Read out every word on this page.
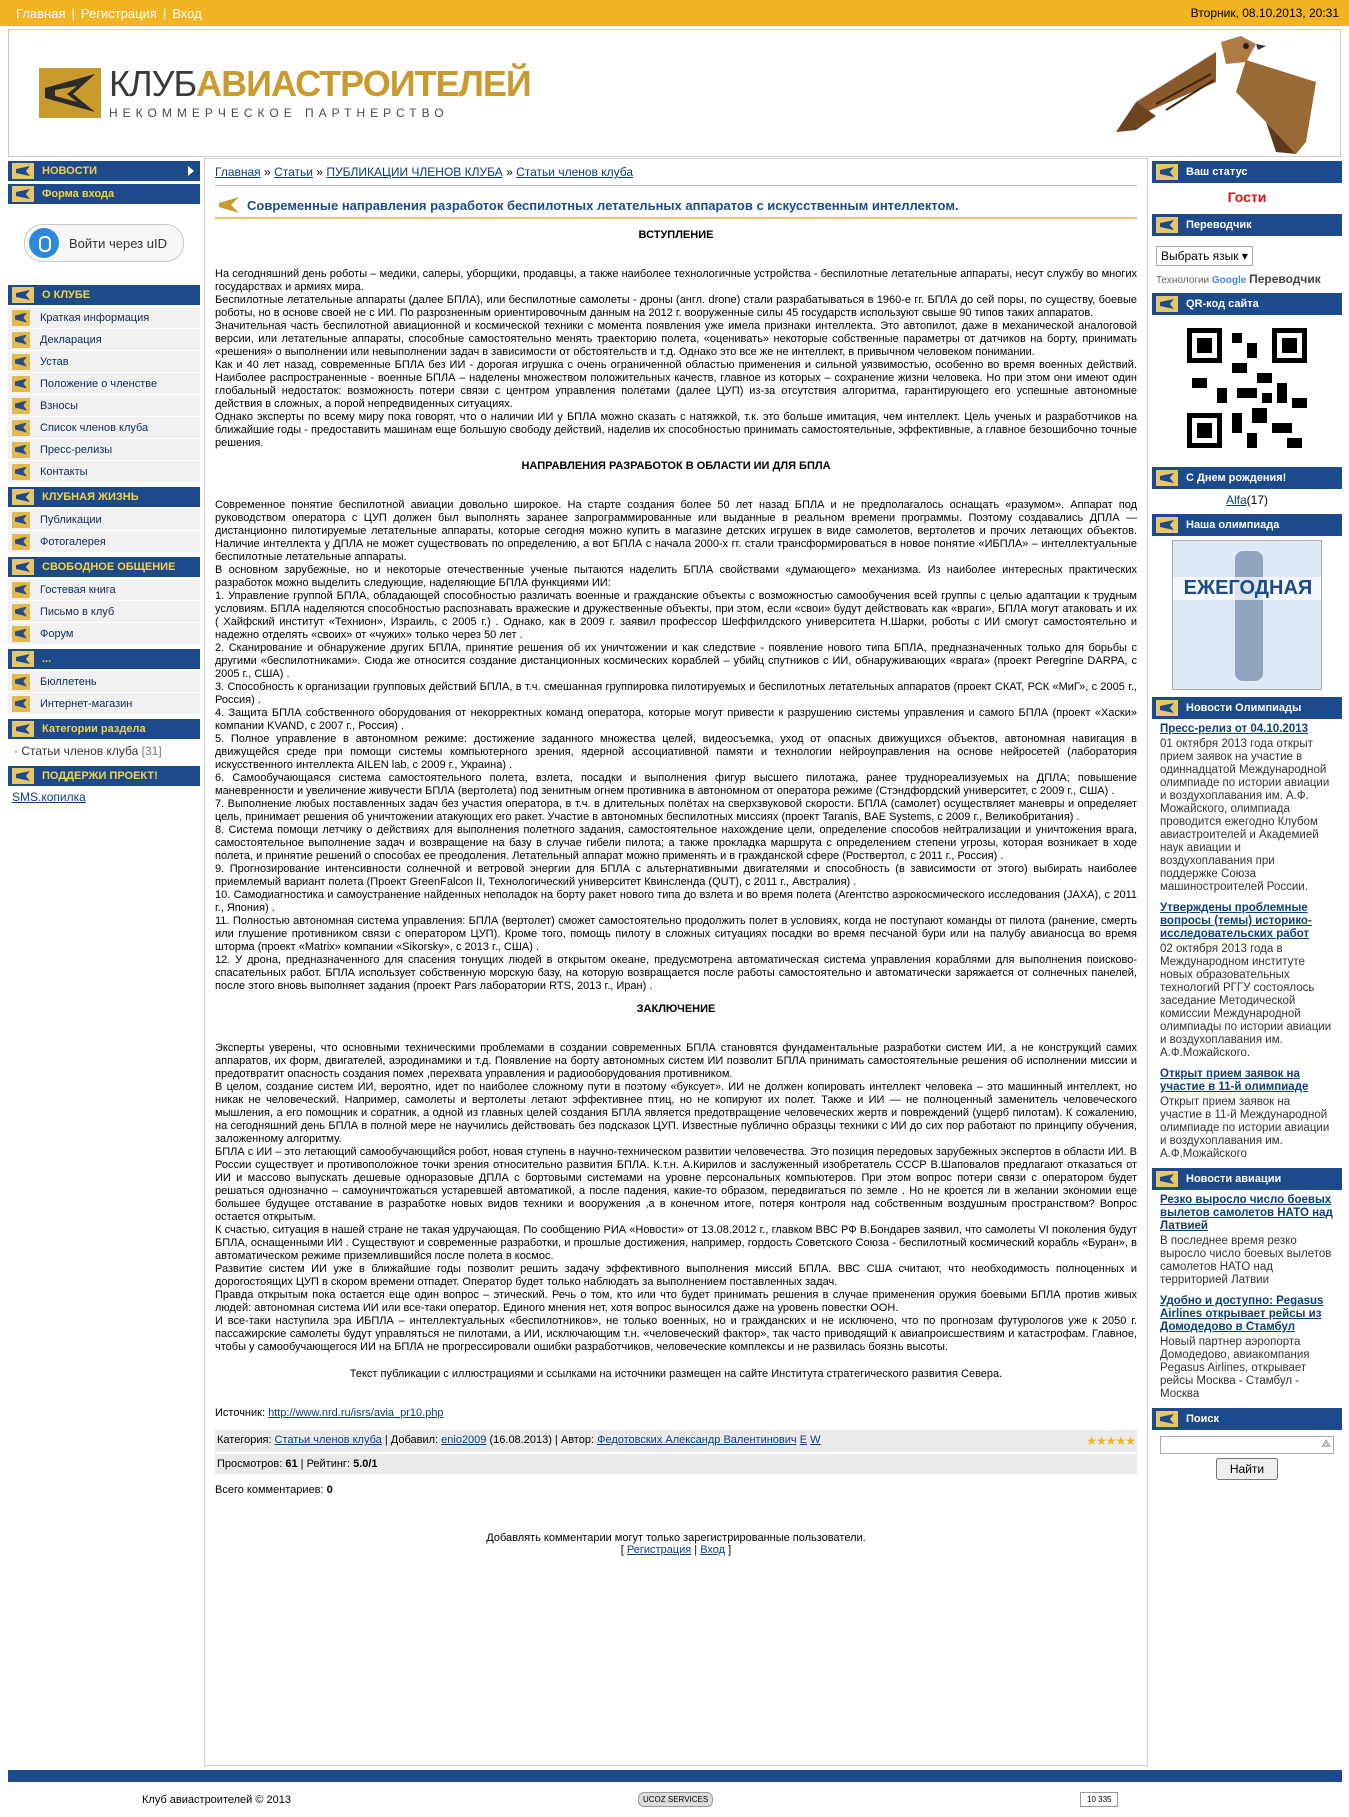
Главная | Регистрация | Вход	Вторник, 08.10.2013, 20:31
КЛУБАВИАСТРОИТЕЛЕЙ
НЕКОММЕРЧЕСКОЕ ПАРТНЕРСТВО
НОВОСТИ
Форма входа
Войти через uID
О КЛУБЕ
Краткая информация
Декларация
Устав
Положение о членстве
Взносы
Список членов клуба
Пресс-релизы
Контакты
КЛУБНАЯ ЖИЗНЬ
Публикации
Фотогалерея
СВОБОДНОЕ ОБЩЕНИЕ
Гостевая книга
Письмо в клуб
Форум
...
Бюллетень
Интернет-магазин
Категории раздела
· Статьи членов клуба [31]
ПОДДЕРЖИ ПРОЕКТ!
SMS.копилка
Главная » Статьи » ПУБЛИКАЦИИ ЧЛЕНОВ КЛУБА » Статьи членов клуба
Современные направления разработок беспилотных летательных аппаратов с искусственным интеллектом.
ВСТУПЛЕНИЕ

На сегодняшний день роботы – медики, саперы, уборщики, продавцы, а также наиболее технологичные устройства - беспилотные летательные аппараты, несут службу во многих государствах и армиях мира.

Беспилотные летательные аппараты (далее БПЛА), или беспилотные самолеты - дроны (англ. drone) стали разрабатываться в 1960-е гг. БПЛА до сей поры, по существу, боевые роботы, но в основе своей не с ИИ. По разрозненным ориентировочным данным на 2012 г. вооруженные силы 45 государств используют свыше 90 типов таких аппаратов.

Значительная часть беспилотной авиационной и космической техники с момента появления уже имела признаки интеллекта. Это автопилот, даже в механической аналоговой версии, или летательные аппараты, способные самостоятельно менять траекторию полета, «оценивать» некоторые собственные параметры от датчиков на борту, принимать «решения» о выполнении или невыполнении задач в зависимости от обстоятельств и т.д. Однако это все же не интеллект, в привычном человеком понимании.

Как и 40 лет назад, современные БПЛА без ИИ - дорогая игрушка с очень ограниченной областью применения и сильной уязвимостью, особенно во время военных действий. Наиболее распространенные - военные БПЛА – наделены множеством положительных качеств, главное из которых – сохранение жизни человека. Но при этом они имеют один глобальный недостаток: возможность потери связи с центром управления полетами (далее ЦУП) из-за отсутствия алгоритма, гарантирующего его успешные автономные действия в сложных, а порой непредвиденных ситуациях.

Однако эксперты по всему миру пока говорят, что о наличии ИИ у БПЛА можно сказать с натяжкой, т.к. это больше имитация, чем интеллект. Цель ученых и разработчиков на ближайшие годы - предоставить машинам еще большую свободу действий, наделив их способностью принимать самостоятельные, эффективные, а главное безошибочно точные решения.

НАПРАВЛЕНИЯ РАЗРАБОТОК В ОБЛАСТИ ИИ ДЛЯ БПЛА

Современное понятие беспилотной авиации довольно широкое. На старте создания более 50 лет назад БПЛА и не предполагалось оснащать «разумом». Аппарат под руководством оператора с ЦУП должен был выполнять заранее запрограммированные или выданные в реальном времени программы. Поэтому создавались ДПЛА — дистанционно пилотируемые летательные аппараты, которые сегодня можно купить в магазине детских игрушек в виде самолетов, вертолетов и прочих летающих объектов. Наличие интеллекта у ДПЛА не может существовать по определению, а вот БПЛА с начала 2000-х гг. стали трансформироваться в новое понятие «ИБПЛА» – интеллектуальные беспилотные летательные аппараты.

В основном зарубежные, но и некоторые отечественные ученые пытаются наделить БПЛА свойствами «думающего» механизма. Из наиболее интересных практических разработок можно выделить следующие, наделяющие БПЛА функциями ИИ:

1. Управление группой БПЛА, обладающей способностью различать военные и гражданские объекты с возможностью самообучения всей группы с целью адаптации к трудным условиям. БПЛА наделяются способностью распознавать вражеские и дружественные объекты, при этом, если «свои» будут действовать как «враги», БПЛА могут атаковать и их ( Хайфский институт «Технион», Израиль, с 2005 г.) . Однако, как в 2009 г. заявил профессор Шеффилдского университета Н.Шарки, роботы с ИИ смогут самостоятельно и надежно отделять «своих» от «чужих» только через 50 лет .

2. Сканирование и обнаружение других БПЛА, принятие решения об их уничтожении и как следствие - появление нового типа БПЛА, предназначенных только для борьбы с другими «беспилотниками». Сюда же относится создание дистанционных космических кораблей – убийц спутников с ИИ, обнаруживающих «врага» (проект Peregrine DARPA, с 2005 г., США) .

3. Способность к организации групповых действий БПЛА, в т.ч. смешанная группировка пилотируемых и беспилотных летательных аппаратов (проект СКАТ, РСК «МиГ», с 2005 г., Россия) .

4. Защита БПЛА собственного оборудования от некорректных команд оператора, которые могут привести к разрушению системы управления и самого БПЛА (проект «Хаски» компании KVAND, с 2007 г., Россия) .

5. Полное управление в автономном режиме: достижение заданного множества целей, видеосъемка, уход от опасных движущихся объектов, автономная навигация в движущейся среде при помощи системы компьютерного зрения, ядерной ассоциативной памяти и технологии нейроуправления на основе нейросетей (лаборатория искусственного интеллекта AILEN lab, с 2009 г., Украина) .

6. Самообучающаяся система самостоятельного полета, взлета, посадки и выполнения фигур высшего пилотажа, ранее труднореализуемых на ДПЛА; повышение маневренности и увеличение живучести БПЛА (вертолета) под зенитным огнем противника в автономном от оператора режиме (Стэндфордский университет, с 2009 г., США) .

7. Выполнение любых поставленных задач без участия оператора, в т.ч. в длительных полётах на сверхзвуковой скорости. БПЛА (самолет) осуществляет маневры и определяет цель, принимает решения об уничтожении атакующих его ракет. Участие в автономных беспилотных миссиях (проект Taranis, BAE Systems, с 2009 г., Великобритания) .

8. Система помощи летчику о действиях для выполнения полетного задания, самостоятельное нахождение цели, определение способов нейтрализации и уничтожения врага, самостоятельное выполнение задач и возвращение на базу в случае гибели пилота; а также прокладка маршрута с определением степени угрозы, которая возникает в ходе полета, и принятие решений о способах ее преодоления. Летательный аппарат можно применять и в гражданской сфере (Роствертол, с 2011 г., Россия) .

9. Прогнозирование интенсивности солнечной и ветровой энергии для БПЛА с альтернативными двигателями и способность (в зависимости от этого) выбирать наиболее приемлемый вариант полета (Проект GreenFalcon II, Технологический университет Квинсленда (QUT), с 2011 г., Австралия) .

10. Самодиагностика и самоустранение найденных неполадок на борту ракет нового типа до взлета и во время полета (Агентство аэрокосмического исследования (JAXA), с 2011 г., Япония) .

11. Полностью автономная система управления: БПЛА (вертолет) сможет самостоятельно продолжить полет в условиях, когда не поступают команды от пилота (ранение, смерть или глушение противником связи с оператором ЦУП). Кроме того, помощь пилоту в сложных ситуациях посадки во время песчаной бури или на палубу авианосца во время шторма (проект «Matrix» компании «Sikorsky», с 2013 г., США) .

12. У дрона, предназначенного для спасения тонущих людей в открытом океане, предусмотрена автоматическая система управления кораблями для выполнения поисково-спасательных работ. БПЛА использует собственную морскую базу, на которую возвращается после работы самостоятельно и автоматически заряжается от солнечных панелей, после этого вновь выполняет задания (проект Pars лаборатории RTS, 2013 г., Иран) .

ЗАКЛЮЧЕНИЕ

Эксперты уверены, что основными техническими проблемами в создании современных БПЛА становятся фундаментальные разработки систем ИИ, а не конструкций самих аппаратов, их форм, двигателей, аэродинамики и т.д. Появление на борту автономных систем ИИ позволит БПЛА принимать самостоятельные решения об исполнении миссии и предотвратит опасность создания помех ,перехвата управления и радиооборудования противником.

В целом, создание систем ИИ, вероятно, идет по наиболее сложному пути в поэтому «буксует». ИИ не должен копировать интеллект человека – это машинный интеллект, но никак не человеческий. Например, самолеты и вертолеты летают эффективнее птиц, но не копируют их полет. Также и ИИ — не полноценный заменитель человеческого мышления, а его помощник и соратник, а одной из главных целей создания БПЛА является предотвращение человеческих жертв и повреждений (ущерб пилотам). К сожалению, на сегодняшний день БПЛА в полной мере не научились действовать без подсказок ЦУП. Известные публично образцы техники с ИИ до сих пор работают по принципу обучения, заложенному алгоритму.

БПЛА с ИИ – это летающий самообучающийся робот, новая ступень в научно-техническом развитии человечества. Это позиция передовых зарубежных экспертов в области ИИ. В России существует и противоположное точки зрения относительно развития БПЛА. К.т.н. А.Кирилов и заслуженный изобретатель СССР В.Шаповалов предлагают отказаться от ИИ и массово выпускать дешевые одноразовые ДПЛА с бортовыми системами на уровне персональных компьютеров. При этом вопрос потери связи с оператором будет решаться однозначно – самоуничтожаться устаревшей автоматикой, а после падения, какие-то образом, передвигаться по земле . Но не кроется ли в желании экономии еще большее будущее отставание в разработке новых видов техники и вооружения ,а в конечном итоге, потеря контроля над собственным воздушным пространством? Вопрос остается открытым.

К счастью, ситуация в нашей стране не такая удручающая. По сообщению РИА «Новости» от 13.08.2012 г., главком ВВС РФ В.Бондарев заявил, что самолеты VI поколения будут БПЛА, оснащенными ИИ . Существуют и современные разработки, и прошлые достижения, например, гордость Советского Союза - беспилотный космический корабль «Буран», в автоматическом режиме приземлившийся после полета в космос.

Развитие систем ИИ уже в ближайшие годы позволит решить задачу эффективного выполнения миссий БПЛА. ВВС США считают, что необходимость полноценных и дорогостоящих ЦУП в скором времени отпадет. Оператор будет только наблюдать за выполнением поставленных задач.

Правда открытым пока остается еще один вопрос – этический. Речь о том, кто или что будет принимать решения в случае применения оружия боевыми БПЛА против живых людей: автономная система ИИ или все-таки оператор. Единого мнения нет, хотя вопрос выносился даже на уровень повестки ООН.

И все-таки наступила эра ИБПЛА – интеллектуальных «беспилотников», не только военных, но и гражданских и не исключено, что по прогнозам футурологов уже к 2050 г. пассажирские самолеты будут управляться не пилотами, а ИИ, исключающим т.н. «человеческий фактор», так часто приводящий к авиапроисшествиям и катастрофам. Главное, чтобы у самообучающегося ИИ на БПЛА не прогрессировали ошибки разработчиков, человеческие комплексы и не развилась боязнь высоты.

Текст публикации с иллюстрациями и ссылками на источники размещен на сайте Института стратегического развития Севера.

Источник: http://www.nrd.ru/isrs/avia_pr10.php

Категория: Статьи членов клуба | Добавил: enio2009 (16.08.2013) | Автор: Федотовских Александр Валентинович E W	★★★★★
Просмотров: 61 | Рейтинг: 5.0/1
Всего комментариев: 0
Добавлять комментарии могут только зарегистрированные пользователи.
[ Регистрация | Вход ]
Ваш статус
Гости
Переводчик
Выбрать язык ▾
Технологии Google Переводчик
QR-код сайта
С Днем рождения!
Alfa(17)
Наша олимпиада
ЕЖЕГОДНАЯ
Новости Олимпиады
Пресс-релиз от 04.10.2013
01 октября 2013 года открыт прием заявок на участие в одиннадцатой Международной олимпиаде по истории авиации и воздухоплавания им. А.Ф. Можайского, олимпиада проводится ежегодно Клубом авиастроителей и Академией наук авиации и воздухоплавания при поддержке Союза машиностроителей России.
Утверждены проблемные вопросы (темы) историко-исследовательских работ
02 октября 2013 года в Международном институте новых образовательных технологий РГГУ состоялось заседание Методической комиссии Международной олимпиады по истории авиации и воздухоплавания им. А.Ф.Можайского.
Открыт прием заявок на участие в 11-й олимпиаде
Открыт прием заявок на участие в 11-й Международной олимпиаде по истории авиации и воздухоплавания им. А.Ф.Можайского
Новости авиации
Резко выросло число боевых вылетов самолетов НАТО над Латвией
В последнее время резко выросло число боевых вылетов самолетов НАТО над территорией Латвии
Удобно и доступно: Pegasus Airlines открывает рейсы из Домодедово в Стамбул
Новый партнер аэропорта Домодедово, авиакомпания Pegasus Airlines, открывает рейсы Москва - Стамбул - Москва
Поиск
⟁
Найти
Клуб авиастроителей © 2013	UCOZ SERVICES	10 335
